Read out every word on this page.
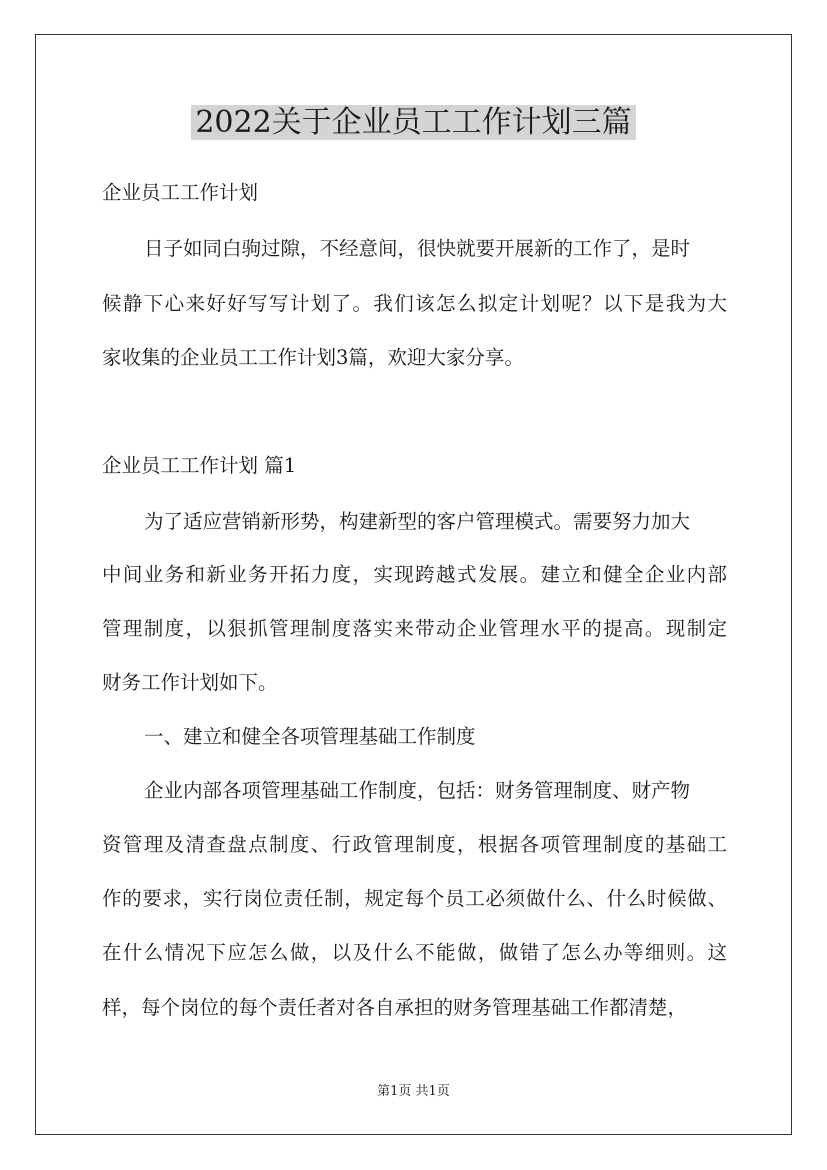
2022关于企业员工工作计划三篇
企业员工工作计划
日子如同白驹过隙，不经意间，很快就要开展新的工作了，是时
候静下心来好好写写计划了。我们该怎么拟定计划呢？以下是我为大
家收集的企业员工工作计划3篇，欢迎大家分享。
企业员工工作计划 篇1
为了适应营销新形势，构建新型的客户管理模式。需要努力加大
中间业务和新业务开拓力度，实现跨越式发展。建立和健全企业内部
管理制度，以狠抓管理制度落实来带动企业管理水平的提高。现制定
财务工作计划如下。
一、建立和健全各项管理基础工作制度
企业内部各项管理基础工作制度，包括：财务管理制度、财产物
资管理及清查盘点制度、行政管理制度，根据各项管理制度的基础工
作的要求，实行岗位责任制，规定每个员工必须做什么、什么时候做、
在什么情况下应怎么做，以及什么不能做，做错了怎么办等细则。这
样，每个岗位的每个责任者对各自承担的财务管理基础工作都清楚，
第1页 共1页
